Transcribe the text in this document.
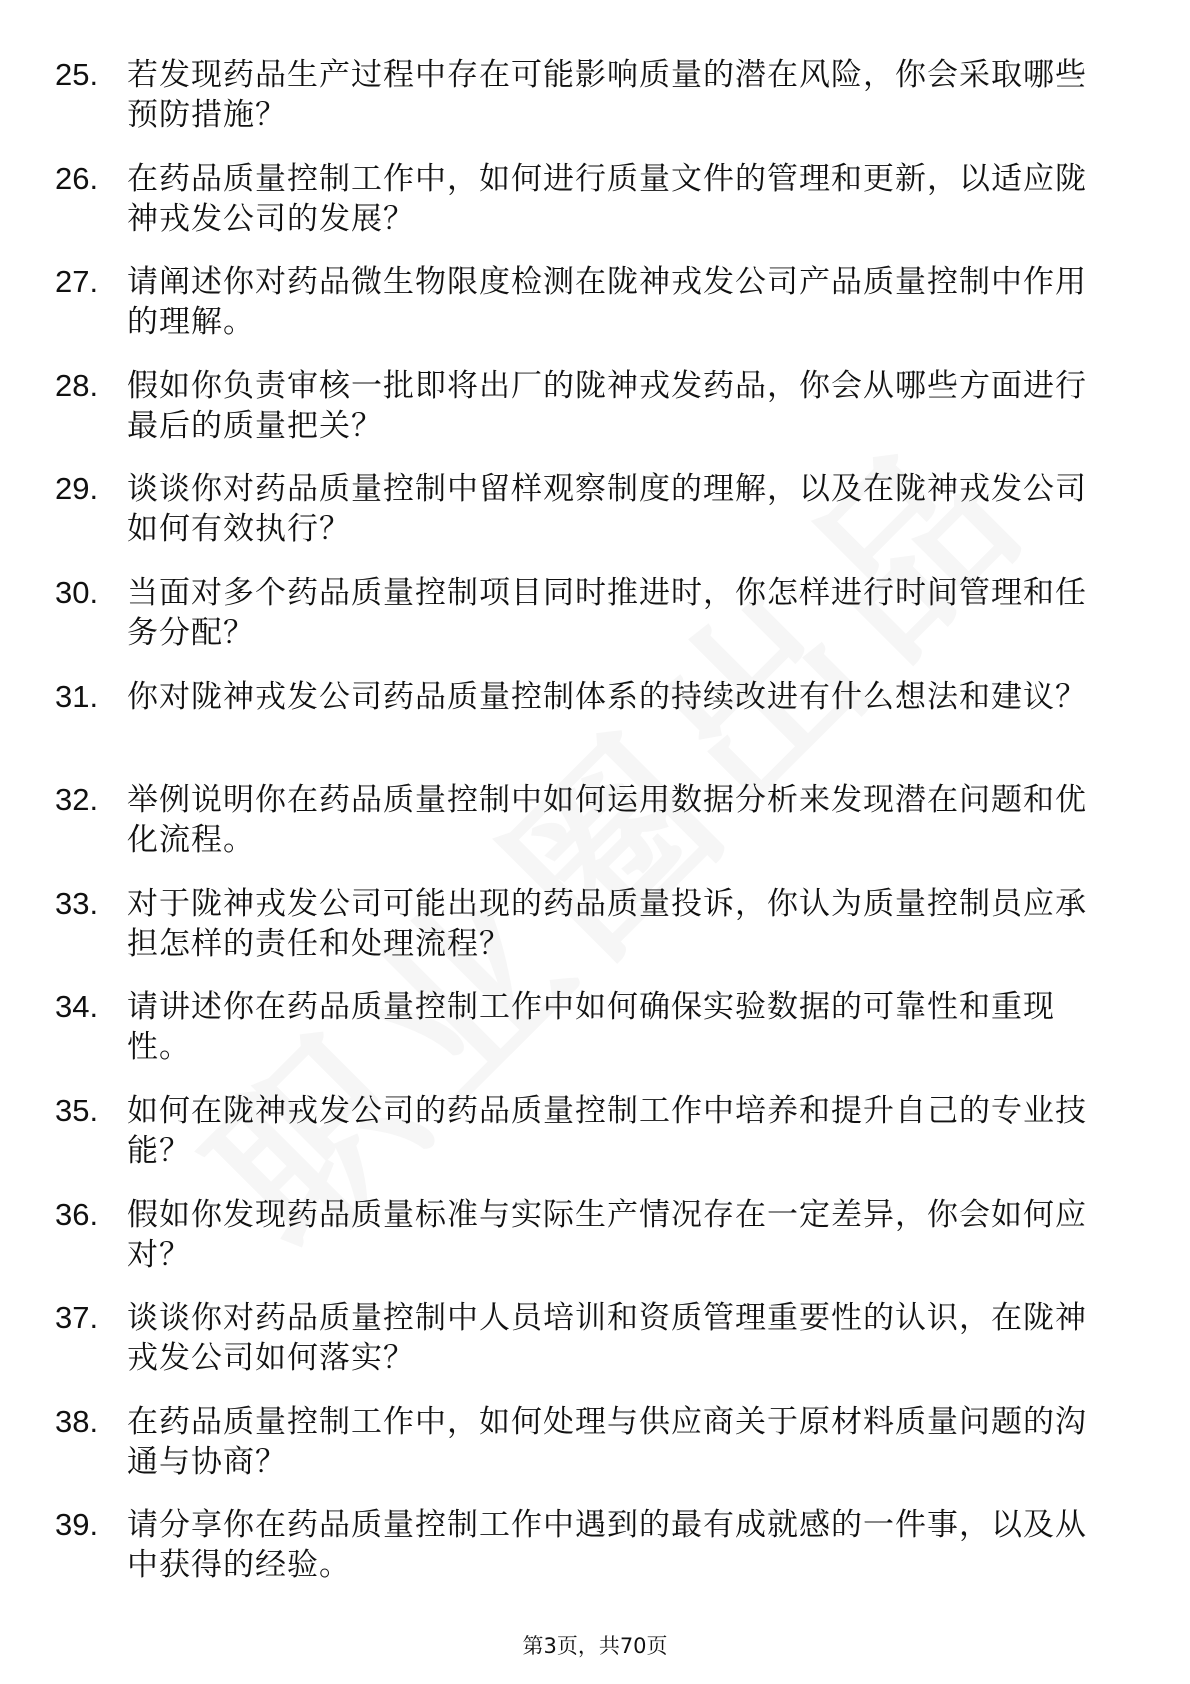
25. 若发现药品生产过程中存在可能影响质量的潜在风险，你会采取哪些预防措施？
26. 在药品质量控制工作中，如何进行质量文件的管理和更新，以适应陇神戎发公司的发展？
27. 请阐述你对药品微生物限度检测在陇神戎发公司产品质量控制中作用的理解。
28. 假如你负责审核一批即将出厂的陇神戎发药品，你会从哪些方面进行最后的质量把关？
29. 谈谈你对药品质量控制中留样观察制度的理解，以及在陇神戎发公司如何有效执行？
30. 当面对多个药品质量控制项目同时推进时，你怎样进行时间管理和任务分配？
31. 你对陇神戎发公司药品质量控制体系的持续改进有什么想法和建议？
32. 举例说明你在药品质量控制中如何运用数据分析来发现潜在问题和优化流程。
33. 对于陇神戎发公司可能出现的药品质量投诉，你认为质量控制员应承担怎样的责任和处理流程？
34. 请讲述你在药品质量控制工作中如何确保实验数据的可靠性和重现性。
35. 如何在陇神戎发公司的药品质量控制工作中培养和提升自己的专业技能？
36. 假如你发现药品质量标准与实际生产情况存在一定差异，你会如何应对？
37. 谈谈你对药品质量控制中人员培训和资质管理重要性的认识，在陇神戎发公司如何落实？
38. 在药品质量控制工作中，如何处理与供应商关于原材料质量问题的沟通与协商？
39. 请分享你在药品质量控制工作中遇到的最有成就感的一件事，以及从中获得的经验。
第3页，共70页
